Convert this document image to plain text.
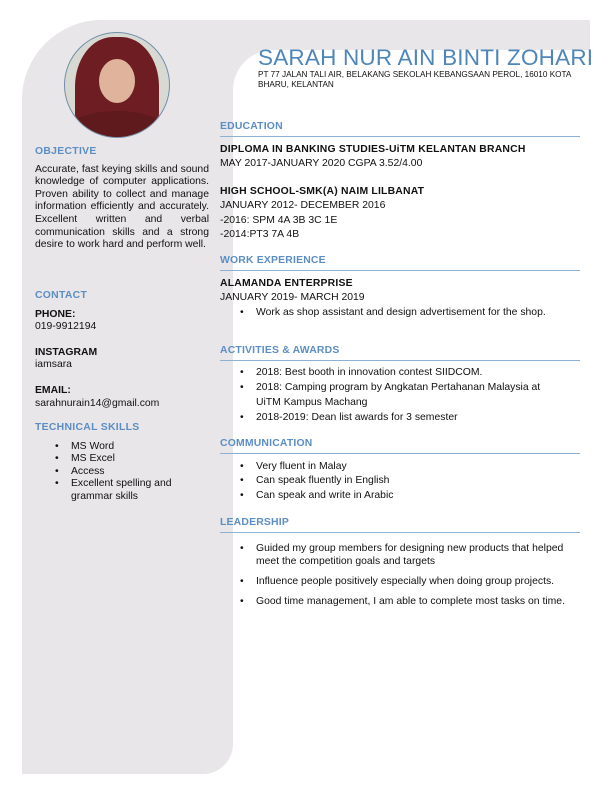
SARAH NUR AIN BINTI ZOHARI
PT 77 JALAN TALI AIR, BELAKANG SEKOLAH KEBANGSAAN PEROL, 16010 KOTA BHARU, KELANTAN
OBJECTIVE
Accurate, fast keying skills and sound knowledge of computer applications. Proven ability to collect and manage information efficiently and accurately. Excellent written and verbal communication skills and a strong desire to work hard and perform well.
CONTACT
PHONE:
019-9912194
INSTAGRAM
iamsara
EMAIL:
sarahnurain14@gmail.com
TECHNICAL SKILLS
• MS Word
• MS Excel
• Access
• Excellent spelling and grammar skills
EDUCATION
DIPLOMA IN BANKING STUDIES-UiTM KELANTAN BRANCH
MAY 2017-JANUARY 2020 CGPA 3.52/4.00
HIGH SCHOOL-SMK(A) NAIM LILBANAT
JANUARY 2012- DECEMBER 2016
-2016: SPM 4A 3B 3C 1E
-2014:PT3 7A 4B
WORK EXPERIENCE
ALAMANDA ENTERPRISE
JANUARY 2019- MARCH 2019
• Work as shop assistant and design advertisement for the shop.
ACTIVITIES & AWARDS
• 2018: Best booth in innovation contest SIIDCOM.
• 2018: Camping program by Angkatan Pertahanan Malaysia at UiTM Kampus Machang
• 2018-2019: Dean list awards for 3 semester
COMMUNICATION
• Very fluent in Malay
• Can speak fluently in English
• Can speak and write in Arabic
LEADERSHIP
• Guided my group members for designing new products that helped meet the competition goals and targets
• Influence people positively especially when doing group projects.
• Good time management, I am able to complete most tasks on time.
